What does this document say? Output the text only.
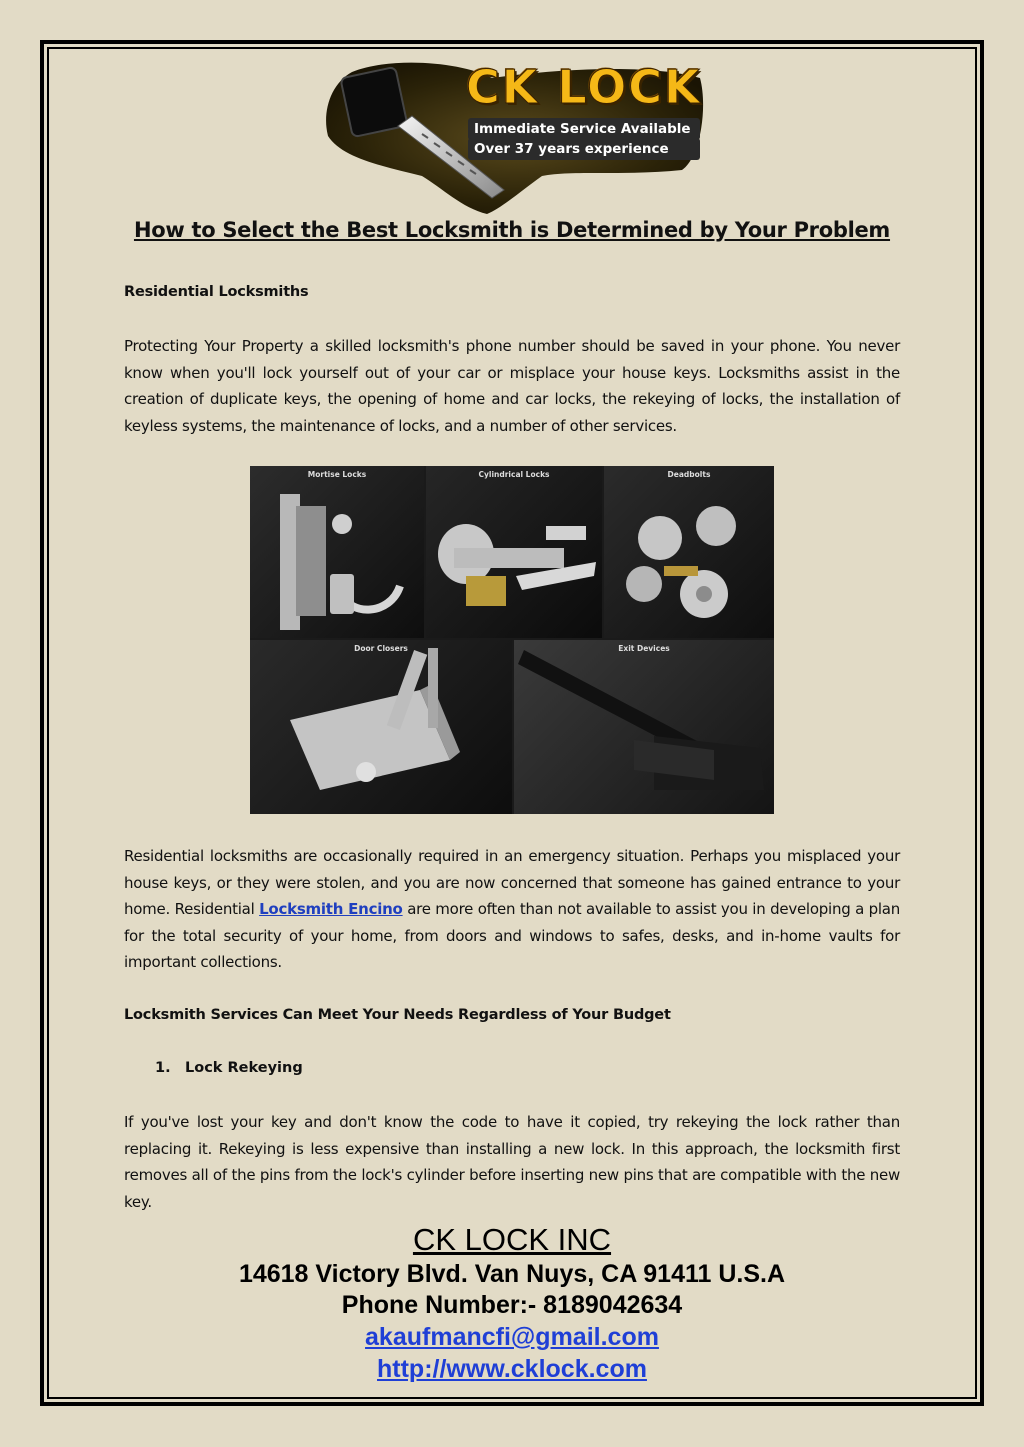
CK LOCK
Immediate Service Available
Over 37 years experience
How to Select the Best Locksmith is Determined by Your Problem
Residential Locksmiths
Protecting Your Property a skilled locksmith's phone number should be saved in your phone. You never know when you'll lock yourself out of your car or misplace your house keys. Locksmiths assist in the creation of duplicate keys, the opening of home and car locks, the rekeying of locks, the installation of keyless systems, the maintenance of locks, and a number of other services.
Mortise Locks	Cylindrical Locks	Deadbolts
Door Closers	Exit Devices
Residential locksmiths are occasionally required in an emergency situation. Perhaps you misplaced your house keys, or they were stolen, and you are now concerned that someone has gained entrance to your home. Residential Locksmith Encino are more often than not available to assist you in developing a plan for the total security of your home, from doors and windows to safes, desks, and in-home vaults for important collections.
Locksmith Services Can Meet Your Needs Regardless of Your Budget
1. Lock Rekeying
If you've lost your key and don't know the code to have it copied, try rekeying the lock rather than replacing it. Rekeying is less expensive than installing a new lock. In this approach, the locksmith first removes all of the pins from the lock's cylinder before inserting new pins that are compatible with the new key.
CK LOCK INC
14618 Victory Blvd. Van Nuys, CA 91411 U.S.A
Phone Number:- 8189042634
akaufmancfi@gmail.com
http://www.cklock.com
